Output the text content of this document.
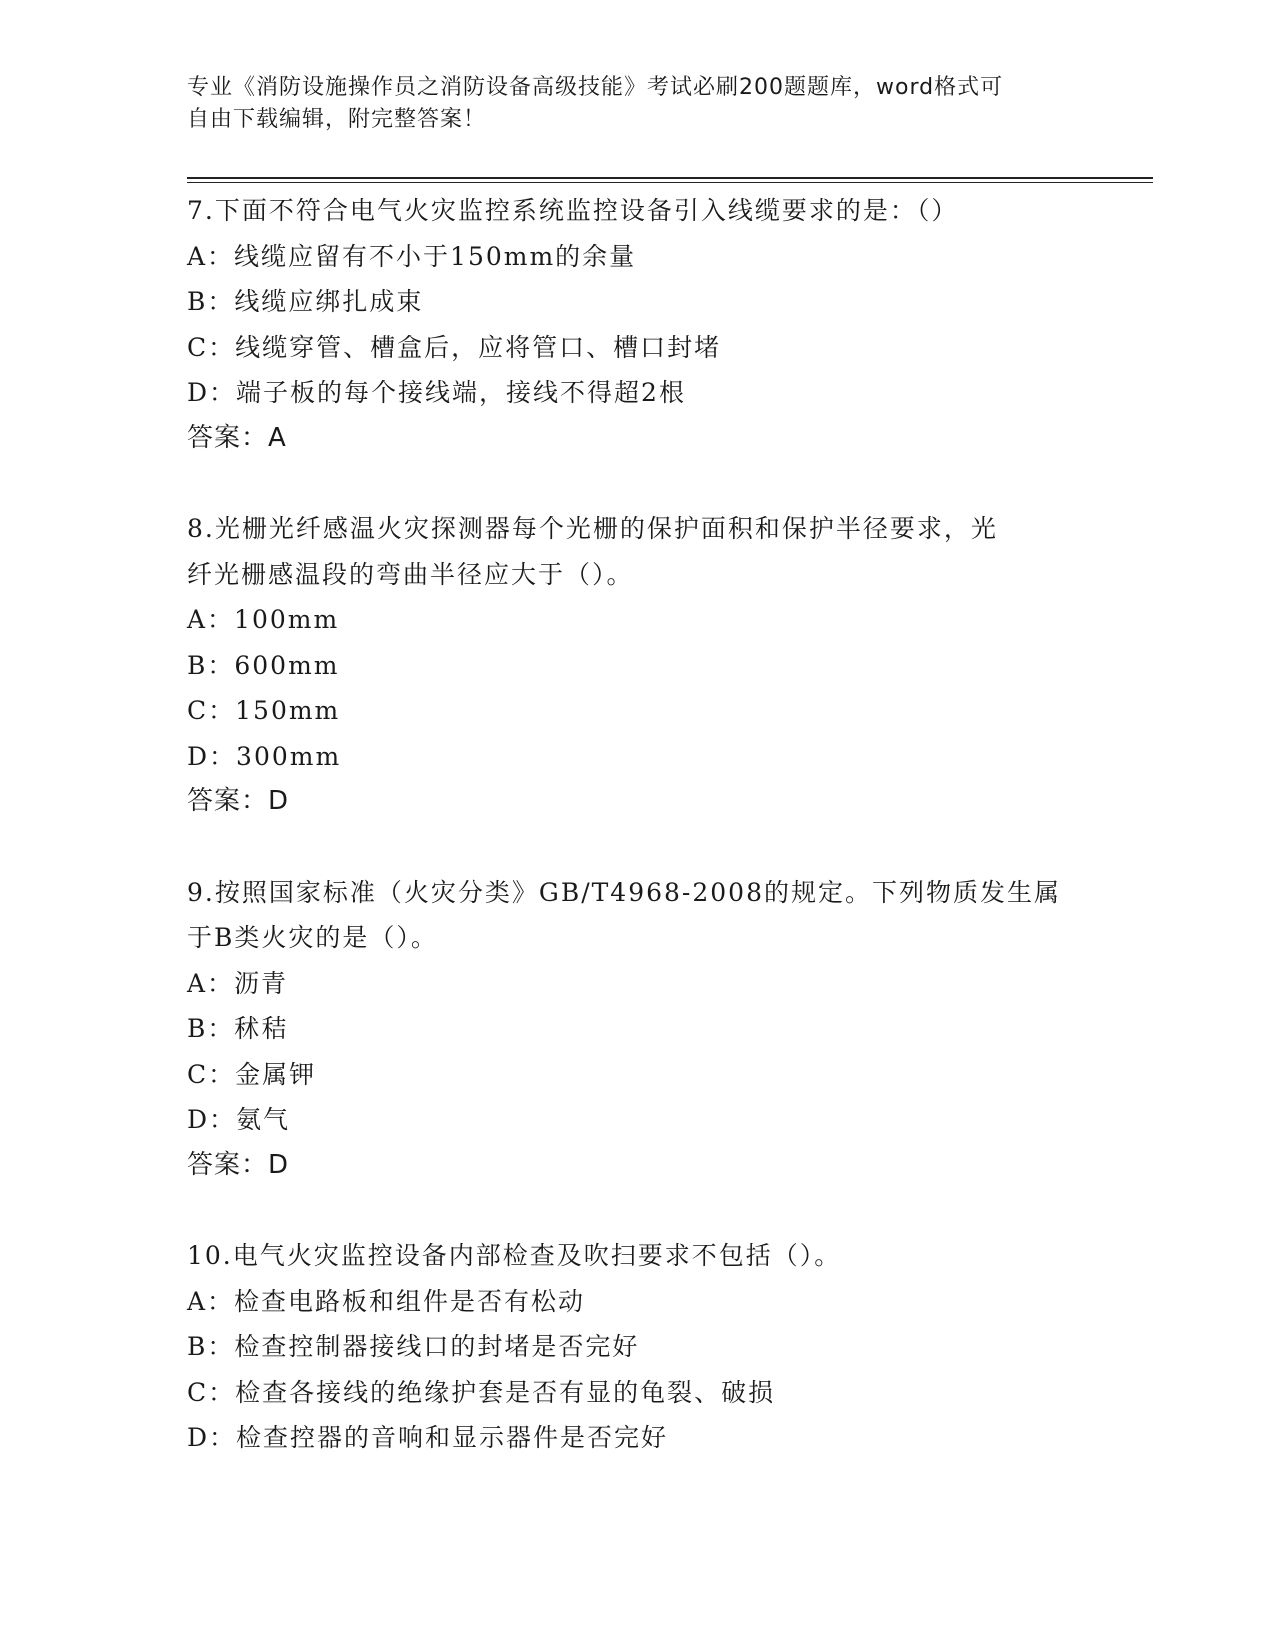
专业《消防设施操作员之消防设备高级技能》考试必刷200题题库，word格式可
自由下载编辑，附完整答案！
7.下面不符合电气火灾监控系统监控设备引入线缆要求的是：（）
A：线缆应留有不小于150mm的余量
B：线缆应绑扎成束
C：线缆穿管、槽盒后，应将管口、槽口封堵
D：端子板的每个接线端，接线不得超2根
答案：A
8.光栅光纤感温火灾探测器每个光栅的保护面积和保护半径要求，光
纤光栅感温段的弯曲半径应大于（）。
A：100mm
B：600mm
C：150mm
D：300mm
答案：D
9.按照国家标准（火灾分类》GB/T4968-2008的规定。下列物质发生属
于B类火灾的是（）。
A：沥青
B：秫秸
C：金属钾
D：氨气
答案：D
10.电气火灾监控设备内部检查及吹扫要求不包括（）。
A：检查电路板和组件是否有松动
B：检查控制器接线口的封堵是否完好
C：检查各接线的绝缘护套是否有显的龟裂、破损
D：检查控器的音响和显示器件是否完好
